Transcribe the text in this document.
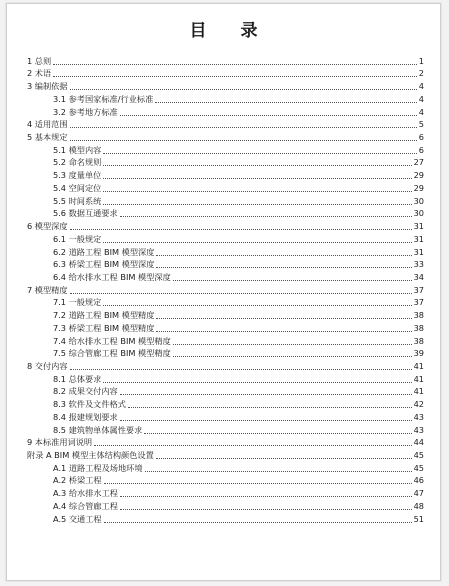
目 录
1 总则	1
2 术语	2
3 编制依据	4
3.1 参考国家标准/行业标准	4
3.2 参考地方标准	4
4 适用范围	5
5 基本规定	6
5.1 模型内容	6
5.2 命名规则	27
5.3 度量单位	29
5.4 空间定位	29
5.5 时间系统	30
5.6 数据互通要求	30
6 模型深度	31
6.1 一般规定	31
6.2 道路工程 BIM 模型深度	31
6.3 桥梁工程 BIM 模型深度	33
6.4 给水排水工程 BIM 模型深度	34
7 模型精度	37
7.1 一般规定	37
7.2 道路工程 BIM 模型精度	38
7.3 桥梁工程 BIM 模型精度	38
7.4 给水排水工程 BIM 模型精度	38
7.5 综合管廊工程 BIM 模型精度	39
8 交付内容	41
8.1 总体要求	41
8.2 成果交付内容	41
8.3 软件及文件格式	42
8.4 报建规划要求	43
8.5 建筑物单体属性要求	43
9 本标准用词说明	44
附录 A BIM 模型主体结构颜色设置	45
A.1 道路工程及场地环境	45
A.2 桥梁工程	46
A.3 给水排水工程	47
A.4 综合管廊工程	48
A.5 交通工程	51
